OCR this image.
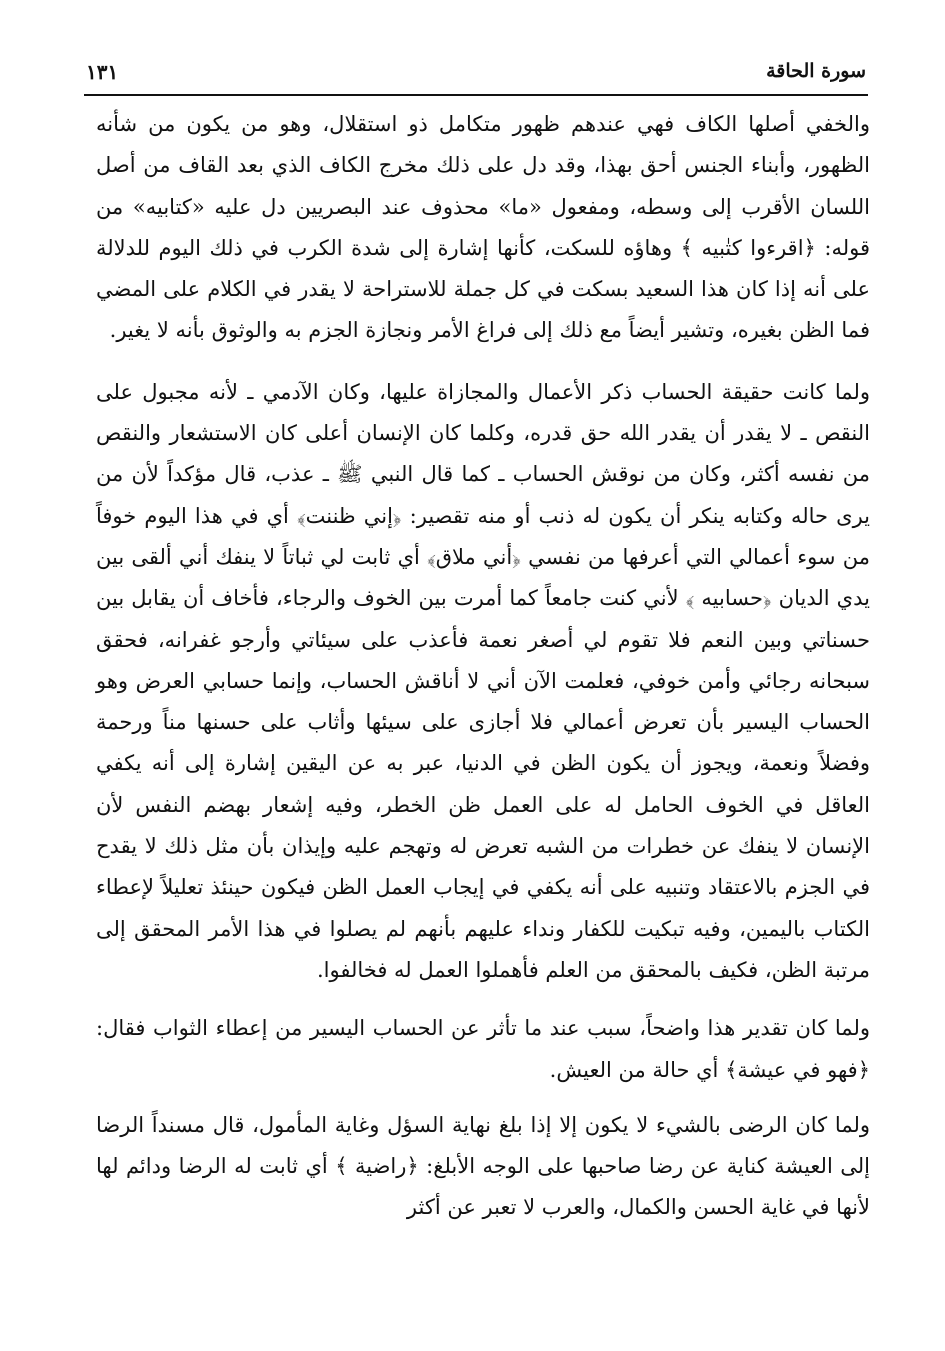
سورة الحاقة
١٣١

والخفي أصلها الكاف فهي عندهم ظهور متكامل ذو استقلال، وهو من يكون من شأنه الظهور، وأبناء الجنس أحق بهذا، وقد دل على ذلك مخرج الكاف الذي بعد القاف من أصل اللسان الأقرب إلى وسطه، ومفعول «ما» محذوف عند البصريين دل عليه «كتابيه» من قوله: ﴿اقرءوا كتٰبيه ﴾ وهاؤه للسكت، كأنها إشارة إلى شدة الكرب في ذلك اليوم للدلالة على أنه إذا كان هذا السعيد بسكت في كل جملة للاستراحة لا يقدر في الكلام على المضي فما الظن بغيره، وتشير أيضاً مع ذلك إلى فراغ الأمر ونجازة الجزم به والوثوق بأنه لا يغير.

ولما كانت حقيقة الحساب ذكر الأعمال والمجازاة عليها، وكان الآدمي ـ لأنه مجبول على النقص ـ لا يقدر أن يقدر الله حق قدره، وكلما كان الإنسان أعلى كان الاستشعار والنقص من نفسه أكثر، وكان من نوقش الحساب ـ كما قال النبي ﷺ ـ عذب، قال مؤكداً لأن من يرى حاله وكتابه ينكر أن يكون له ذنب أو منه تقصير: ﴿إني ظننت﴾ أي في هذا اليوم خوفاً من سوء أعمالي التي أعرفها من نفسي ﴿أني ملاق﴾ أي ثابت لي ثباتاً لا ينفك أني ألقى بين يدي الديان ﴿حسابيه ﴾ لأني كنت جامعاً كما أمرت بين الخوف والرجاء، فأخاف أن يقابل بين حسناتي وبين النعم فلا تقوم لي أصغر نعمة فأعذب على سيئاتي وأرجو غفرانه، فحقق سبحانه رجائي وأمن خوفي، فعلمت الآن أني لا أناقش الحساب، وإنما حسابي العرض وهو الحساب اليسير بأن تعرض أعمالي فلا أجازى على سيئها وأثاب على حسنها مناً ورحمة وفضلاً ونعمة، ويجوز أن يكون الظن في الدنيا، عبر به عن اليقين إشارة إلى أنه يكفي العاقل في الخوف الحامل له على العمل ظن الخطر، وفيه إشعار بهضم النفس لأن الإنسان لا ينفك عن خطرات من الشبه تعرض له وتهجم عليه وإيذان بأن مثل ذلك لا يقدح في الجزم بالاعتقاد وتنبيه على أنه يكفي في إيجاب العمل الظن فيكون حينئذ تعليلاً لإعطاء الكتاب باليمين، وفيه تبكيت للكفار ونداء عليهم بأنهم لم يصلوا في هذا الأمر المحقق إلى مرتبة الظن، فكيف بالمحقق من العلم فأهملوا العمل له فخالفوا.

ولما كان تقدير هذا واضحاً، سبب عند ما تأثر عن الحساب اليسير من إعطاء الثواب فقال: ﴿فهو في عيشة﴾ أي حالة من العيش.

ولما كان الرضى بالشيء لا يكون إلا إذا بلغ نهاية السؤل وغاية المأمول، قال مسنداً الرضا إلى العيشة كناية عن رضا صاحبها على الوجه الأبلغ: ﴿راضية ﴾ أي ثابت له الرضا ودائم لها لأنها في غاية الحسن والكمال، والعرب لا تعبر عن أكثر
